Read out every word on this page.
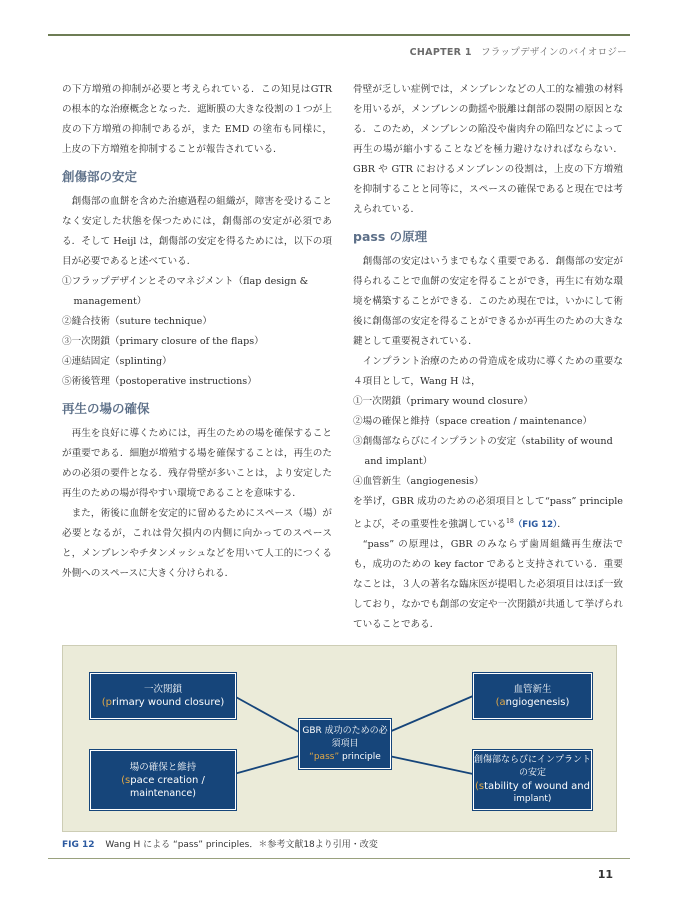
CHAPTER 1 フラップデザインのバイオロジー

の下方増殖の抑制が必要と考えられている．この知見はGTR の根本的な治療概念となった．遮断膜の大きな役割の１つが上皮の下方増殖の抑制であるが，また EMD の塗布も同様に，上皮の下方増殖を抑制することが報告されている．

創傷部の安定

創傷部の血餅を含めた治癒過程の組織が，障害を受けることなく安定した状態を保つためには，創傷部の安定が必須である．そして Heijl は，創傷部の安定を得るためには，以下の項目が必要であると述べている．

①フラップデザインとそのマネジメント（flap design & management）
②縫合技術（suture technique）
③一次閉鎖（primary closure of the flaps）
④連結固定（splinting）
⑤術後管理（postoperative instructions）
再生の場の確保

再生を良好に導くためには，再生のための場を確保することが重要である．細胞が増殖する場を確保することは，再生のための必須の要件となる．残存骨壁が多いことは，より安定した再生のための場が得やすい環境であることを意味する．

また，術後に血餅を安定的に留めるためにスペース（場）が必要となるが，これは骨欠損内の内側に向かってのスペースと，メンブレンやチタンメッシュなどを用いて人工的につくる外側へのスペースに大きく分けられる．

骨壁が乏しい症例では，メンブレンなどの人工的な補強の材料を用いるが，メンブレンの動揺や脱離は創部の裂開の原因となる．このため，メンブレンの陥没や歯肉弁の陥凹などによって再生の場が縮小することなどを極力避けなければならない．GBR や GTR におけるメンブレンの役割は，上皮の下方増殖を抑制することと同等に，スペースの確保であると現在では考えられている．

pass の原理

創傷部の安定はいうまでもなく重要である．創傷部の安定が得られることで血餅の安定を得ることができ，再生に有効な環境を構築することができる．このため現在では，いかにして術後に創傷部の安定を得ることができるかが再生のための大きな鍵として重要視されている．

インプラント治療のための骨造成を成功に導くための重要な４項目として，Wang H は，

①一次閉鎖（primary wound closure）
②場の確保と維持（space creation / maintenance）
③創傷部ならびにインプラントの安定（stability of wound and implant）
④血管新生（angiogenesis）

を挙げ，GBR 成功のための必須項目として“pass” principle とよび，その重要性を強調している$^{18}$（FIG 12）．

“pass” の原理は，GBR のみならず歯周組織再生療法でも，成功のための key factor であると支持されている．重要なことは，３人の著名な臨床医が提唱した必須項目はほぼ一致しており，なかでも創部の安定や一次閉鎖が共通して挙げられていることである．

一次閉鎖
(primary wound closure)
血管新生
(angiogenesis)
GBR 成功のための必須項目
“pass” principle
場の確保と維持
(space creation /
maintenance)
創傷部ならびにインプラント
の安定
(stability of wound and
implant)
FIG 12 Wang H による “pass” principles．＊参考文献18より引用・改変
11
